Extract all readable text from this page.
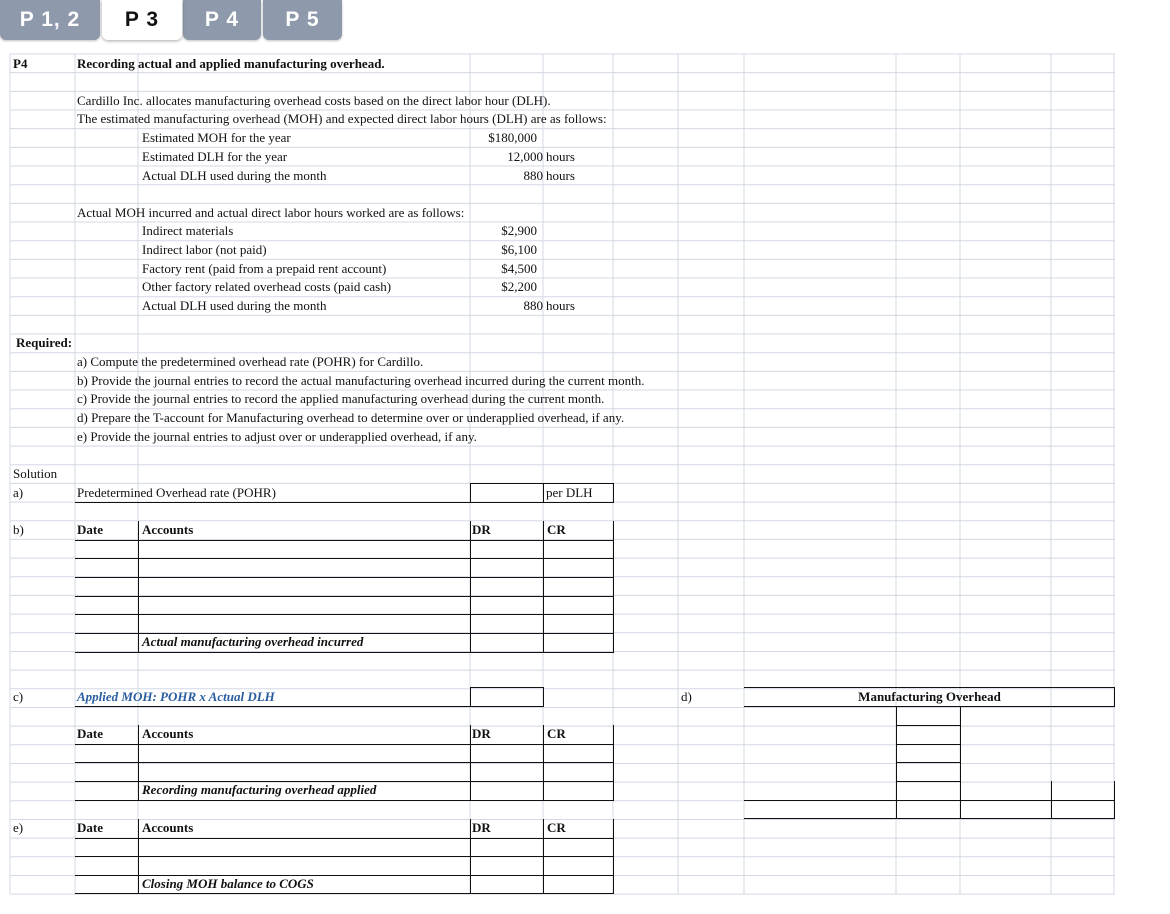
P4	Recording actual and applied manufacturing overhead.
Cardillo Inc. allocates manufacturing overhead costs based on the direct labor hour (DLH).
The estimated manufacturing overhead (MOH) and expected direct labor hours (DLH) are as follows:
Estimated MOH for the year	$180,000
Estimated DLH for the year	12,000 hours
Actual DLH used during the month	880 hours
Actual MOH incurred and actual direct labor hours worked are as follows:
Indirect materials	$2,900
Indirect labor (not paid)	$6,100
Factory rent (paid from a prepaid rent account)	$4,500
Other factory related overhead costs (paid cash)	$2,200
Actual DLH used during the month	880 hours
Required:
a) Compute the predetermined overhead rate (POHR) for Cardillo.
b) Provide the journal entries to record the actual manufacturing overhead incurred during the current month.
c) Provide the journal entries to record the applied manufacturing overhead during the current month.
d) Prepare the T-account for Manufacturing overhead to determine over or underapplied overhead, if any.
e) Provide the journal entries to adjust over or underapplied overhead, if any.
Solution
a)	Predetermined Overhead rate (POHR)	per DLH
b)	Date	Accounts	DR	CR
Actual manufacturing overhead incurred
c)	Applied MOH: POHR x Actual DLH
Date	Accounts	DR	CR
Recording manufacturing overhead applied
d)	Manufacturing Overhead
e)	Date	Accounts	DR	CR
Closing MOH balance to COGS
P 1, 2	P 3	P 4	P 5
